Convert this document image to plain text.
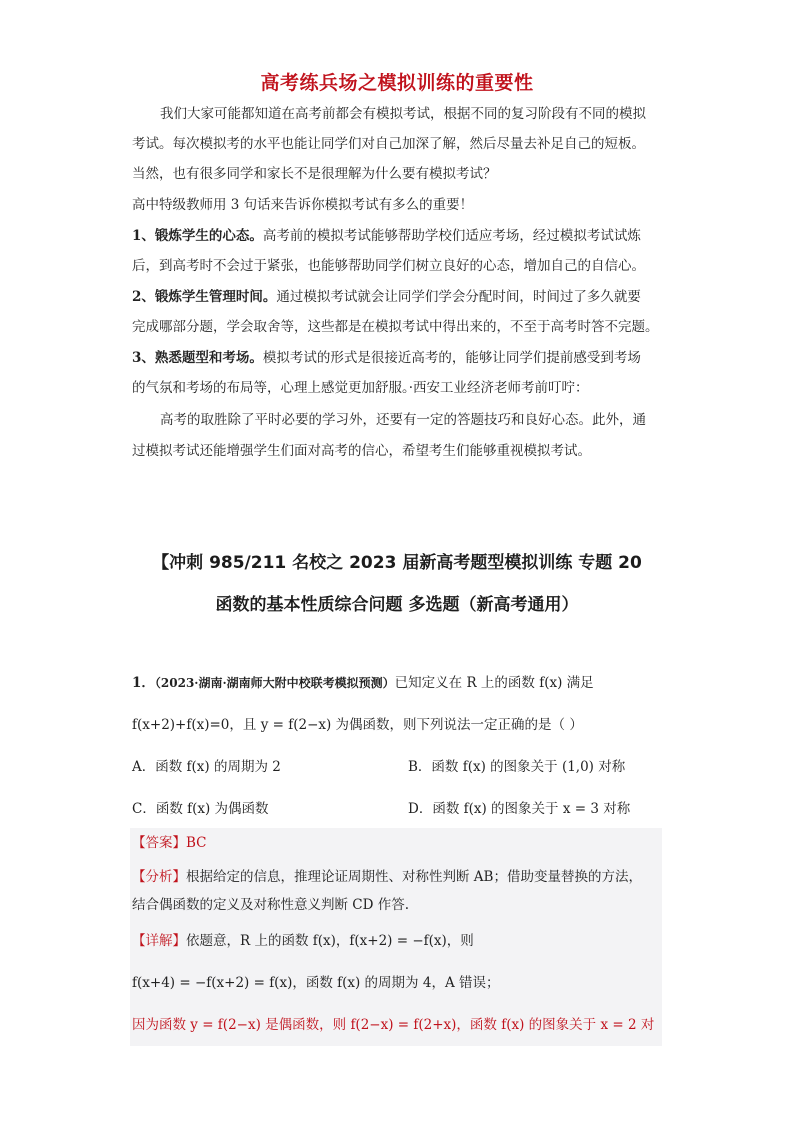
高考练兵场之模拟训练的重要性
我们大家可能都知道在高考前都会有模拟考试，根据不同的复习阶段有不同的模拟
考试。每次模拟考的水平也能让同学们对自己加深了解，然后尽量去补足自己的短板。
当然，也有很多同学和家长不是很理解为什么要有模拟考试？
高中特级教师用 3 句话来告诉你模拟考试有多么的重要！
1、锻炼学生的心态。高考前的模拟考试能够帮助学校们适应考场，经过模拟考试试炼
后，到高考时不会过于紧张，也能够帮助同学们树立良好的心态，增加自己的自信心。
2、锻炼学生管理时间。通过模拟考试就会让同学们学会分配时间，时间过了多久就要
完成哪部分题，学会取舍等，这些都是在模拟考试中得出来的，不至于高考时答不完题。
3、熟悉题型和考场。模拟考试的形式是很接近高考的，能够让同学们提前感受到考场
的气氛和考场的布局等，心理上感觉更加舒服。·西安工业经济老师考前叮咛：
高考的取胜除了平时必要的学习外，还要有一定的答题技巧和良好心态。此外，通
过模拟考试还能增强学生们面对高考的信心，希望考生们能够重视模拟考试。
【冲刺 985/211 名校之 2023 届新高考题型模拟训练 专题 20
函数的基本性质综合问题 多选题（新高考通用）
1．（2023·湖南·湖南师大附中校联考模拟预测）已知定义在 R 上的函数 f(x) 满足
f(x+2)+f(x)=0，且 y = f(2−x) 为偶函数，则下列说法一定正确的是（ ）
A．函数 f(x) 的周期为 2	B．函数 f(x) 的图象关于 (1,0) 对称
C．函数 f(x) 为偶函数	D．函数 f(x) 的图象关于 x = 3 对称
【答案】BC
【分析】根据给定的信息，推理论证周期性、对称性判断 AB；借助变量替换的方法，
结合偶函数的定义及对称性意义判断 CD 作答.
【详解】依题意，R 上的函数 f(x)，f(x+2) = −f(x)，则
f(x+4) = −f(x+2) = f(x)，函数 f(x) 的周期为 4，A 错误；
因为函数 y = f(2−x) 是偶函数，则 f(2−x) = f(2+x)，函数 f(x) 的图象关于 x = 2 对
